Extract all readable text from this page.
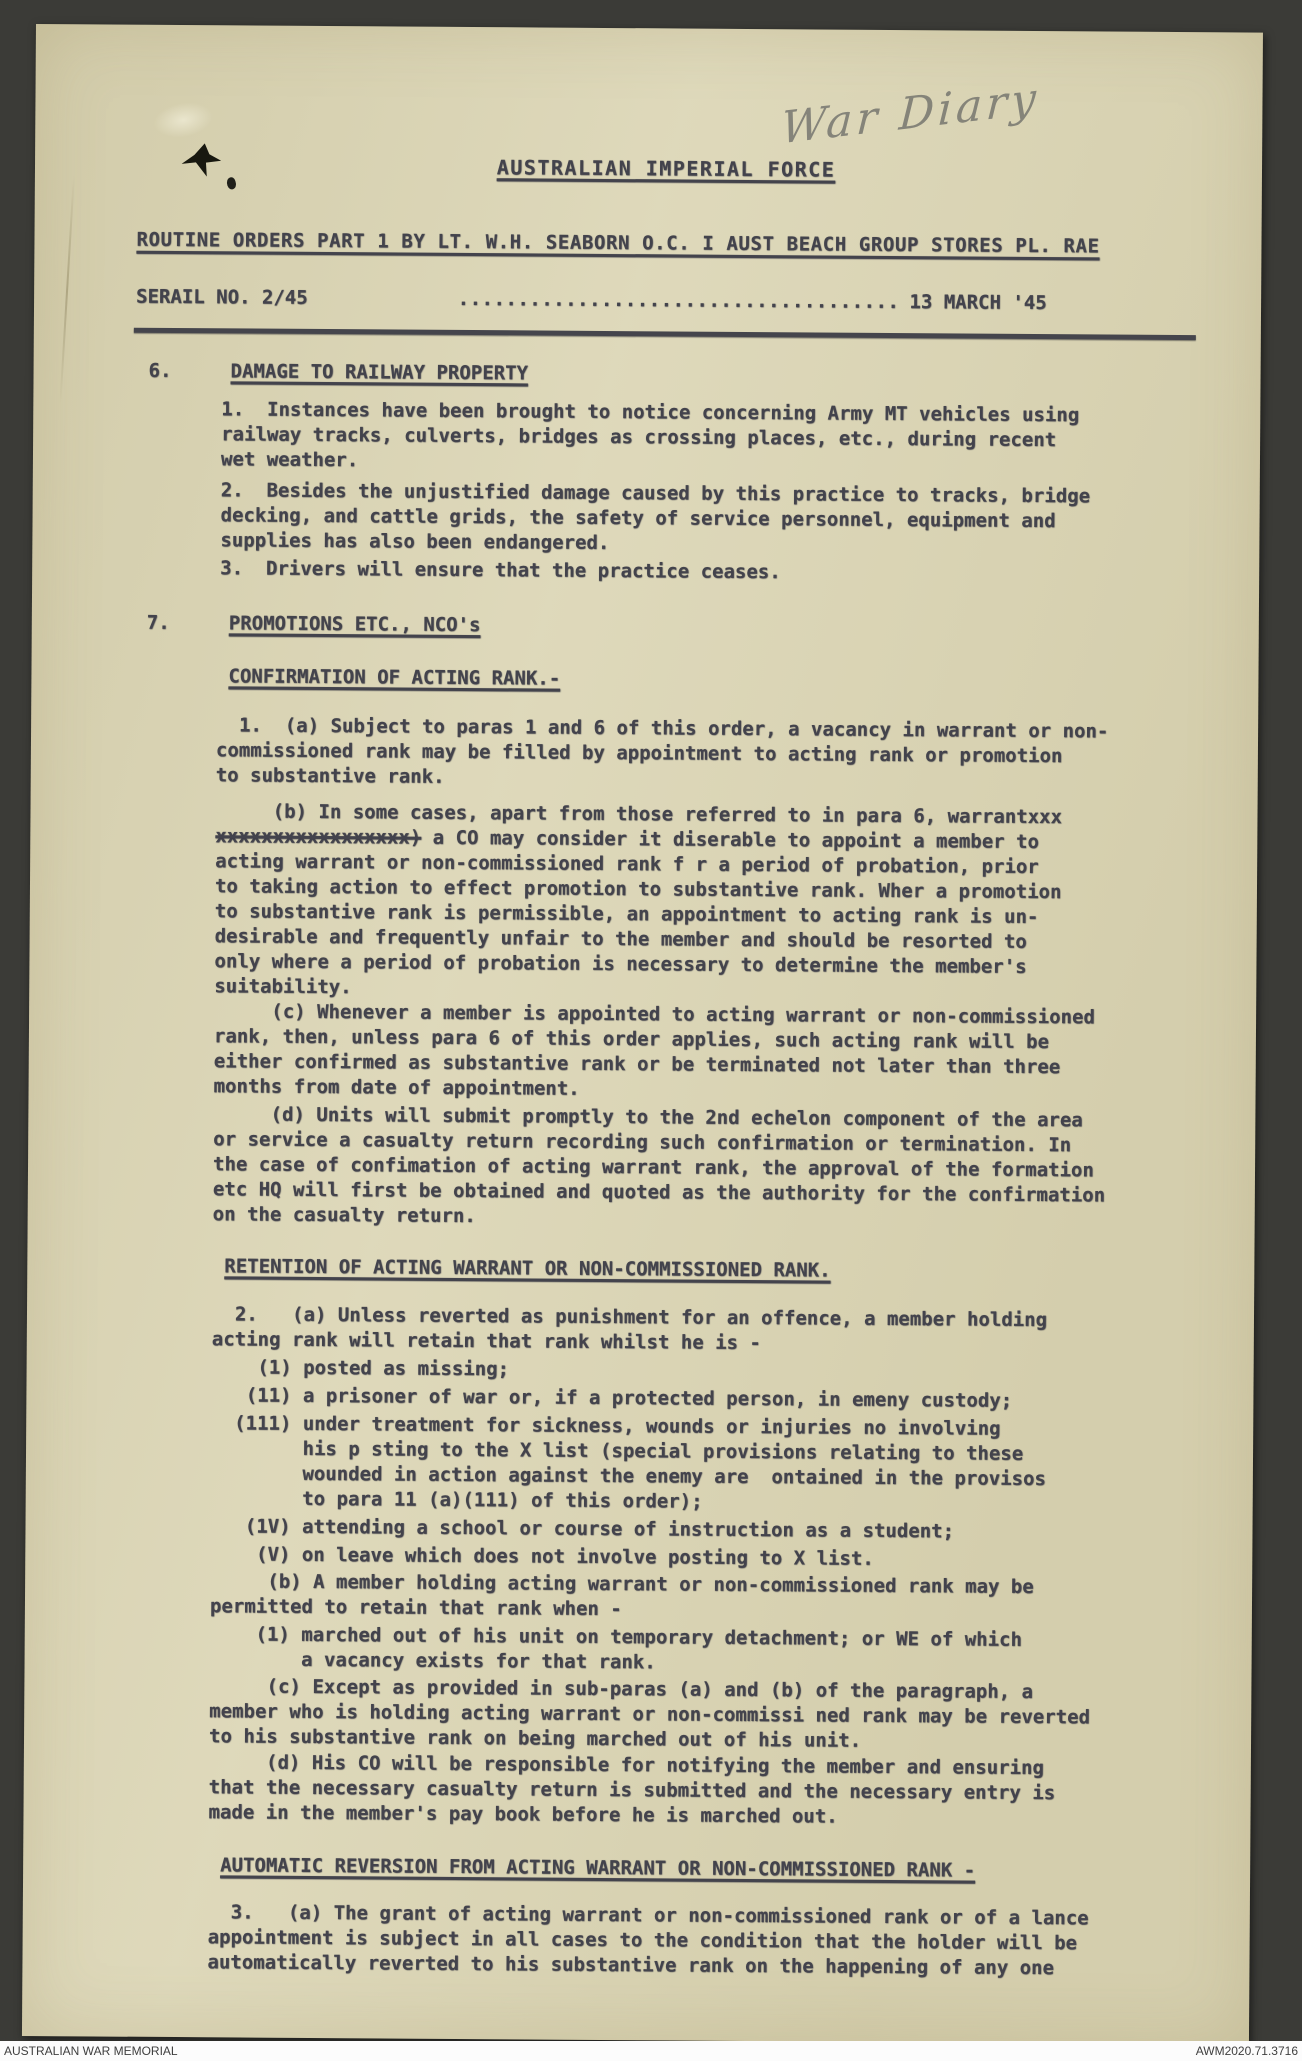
War Diary
AUSTRALIAN IMPERIAL FORCE
ROUTINE ORDERS PART 1 BY LT. W.H. SEABORN O.C. I AUST BEACH GROUP STORES PL. RAE
SERAIL NO. 2/45	..................................... 13 MARCH '45
6.	DAMAGE TO RAILWAY PROPERTY
1.  Instances have been brought to notice concerning Army MT vehicles using
railway tracks, culverts, bridges as crossing places, etc., during recent
wet weather.
2.  Besides the unjustified damage caused by this practice to tracks, bridge
decking, and cattle grids, the safety of service personnel, equipment and
supplies has also been endangered.
3.  Drivers will ensure that the practice ceases.
7.	PROMOTIONS ETC., NCO's
CONFIRMATION OF ACTING RANK.-
1.  (a) Subject to paras 1 and 6 of this order, a vacancy in warrant or non-
commissioned rank may be filled by appointment to acting rank or promotion
to substantive rank.
(b) In some cases, apart from those referred to in para 6, warrantxxx
xxxxxxxxxxxxxxxxx) a CO may consider it diserable to appoint a member to
acting warrant or non-commissioned rank f r a period of probation, prior
to taking action to effect promotion to substantive rank. Wher a promotion
to substantive rank is permissible, an appointment to acting rank is un-
desirable and frequently unfair to the member and should be resorted to
only where a period of probation is necessary to determine the member's
suitability.
(c) Whenever a member is appointed to acting warrant or non-commissioned
rank, then, unless para 6 of this order applies, such acting rank will be
either confirmed as substantive rank or be terminated not later than three
months from date of appointment.
(d) Units will submit promptly to the 2nd echelon component of the area
or service a casualty return recording such confirmation or termination. In
the case of confimation of acting warrant rank, the approval of the formation
etc HQ will first be obtained and quoted as the authority for the confirmation
on the casualty return.
RETENTION OF ACTING WARRANT OR NON-COMMISSIONED RANK.
2.   (a) Unless reverted as punishment for an offence, a member holding
acting rank will retain that rank whilst he is -
(1) posted as missing;
(11) a prisoner of war or, if a protected person, in emeny custody;
(111) under treatment for sickness, wounds or injuries no involving
his p sting to the X list (special provisions relating to these
wounded in action against the enemy are  ontained in the provisos
to para 11 (a)(111) of this order);
(1V) attending a school or course of instruction as a student;
(V) on leave which does not involve posting to X list.
(b) A member holding acting warrant or non-commissioned rank may be
permitted to retain that rank when -
(1) marched out of his unit on temporary detachment; or WE of which
a vacancy exists for that rank.
(c) Except as provided in sub-paras (a) and (b) of the paragraph, a
member who is holding acting warrant or non-commissi ned rank may be reverted
to his substantive rank on being marched out of his unit.
(d) His CO will be responsible for notifying the member and ensuring
that the necessary casualty return is submitted and the necessary entry is
made in the member's pay book before he is marched out.
AUTOMATIC REVERSION FROM ACTING WARRANT OR NON-COMMISSIONED RANK -
3.   (a) The grant of acting warrant or non-commissioned rank or of a lance
appointment is subject in all cases to the condition that the holder will be
automatically reverted to his substantive rank on the happening of any one
AUSTRALIAN WAR MEMORIAL	AWM2020.71.3716
